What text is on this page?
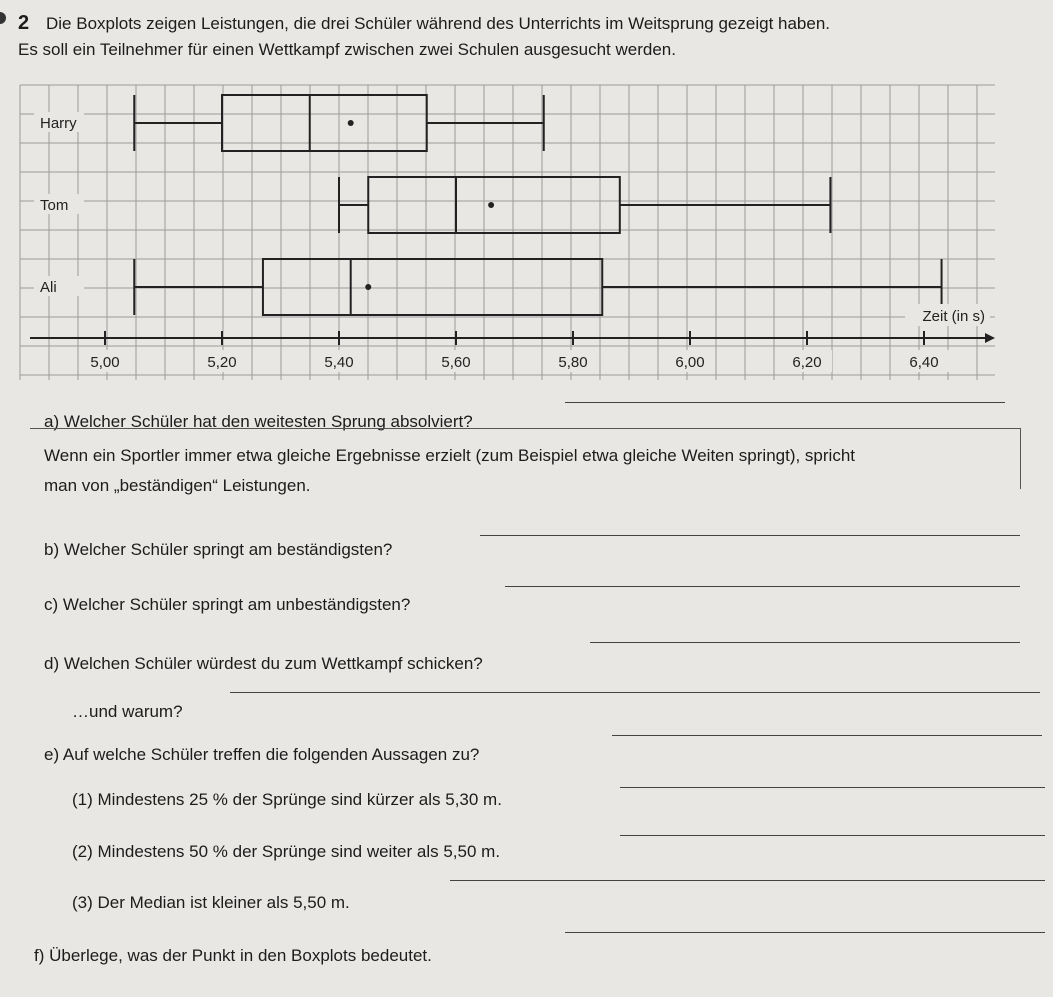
2 Die Boxplots zeigen Leistungen, die drei Schüler während des Unterrichts im Weitsprung gezeigt haben.
Es soll ein Teilnehmer für einen Wettkampf zwischen zwei Schulen ausgesucht werden.
Harry
Tom
Ali
5,00	5,20	5,40	5,60	5,80	6,00	6,20	6,40
Zeit (in s)
a) Welcher Schüler hat den weitesten Sprung absolviert?
Wenn ein Sportler immer etwa gleiche Ergebnisse erzielt (zum Beispiel etwa gleiche Weiten springt), spricht
man von „beständigen“ Leistungen.
b) Welcher Schüler springt am beständigsten?
c) Welcher Schüler springt am unbeständigsten?
d) Welchen Schüler würdest du zum Wettkampf schicken?
…und warum?
e) Auf welche Schüler treffen die folgenden Aussagen zu?
(1) Mindestens 25 % der Sprünge sind kürzer als 5,30 m.
(2) Mindestens 50 % der Sprünge sind weiter als 5,50 m.
(3) Der Median ist kleiner als 5,50 m.
f) Überlege, was der Punkt in den Boxplots bedeutet.
